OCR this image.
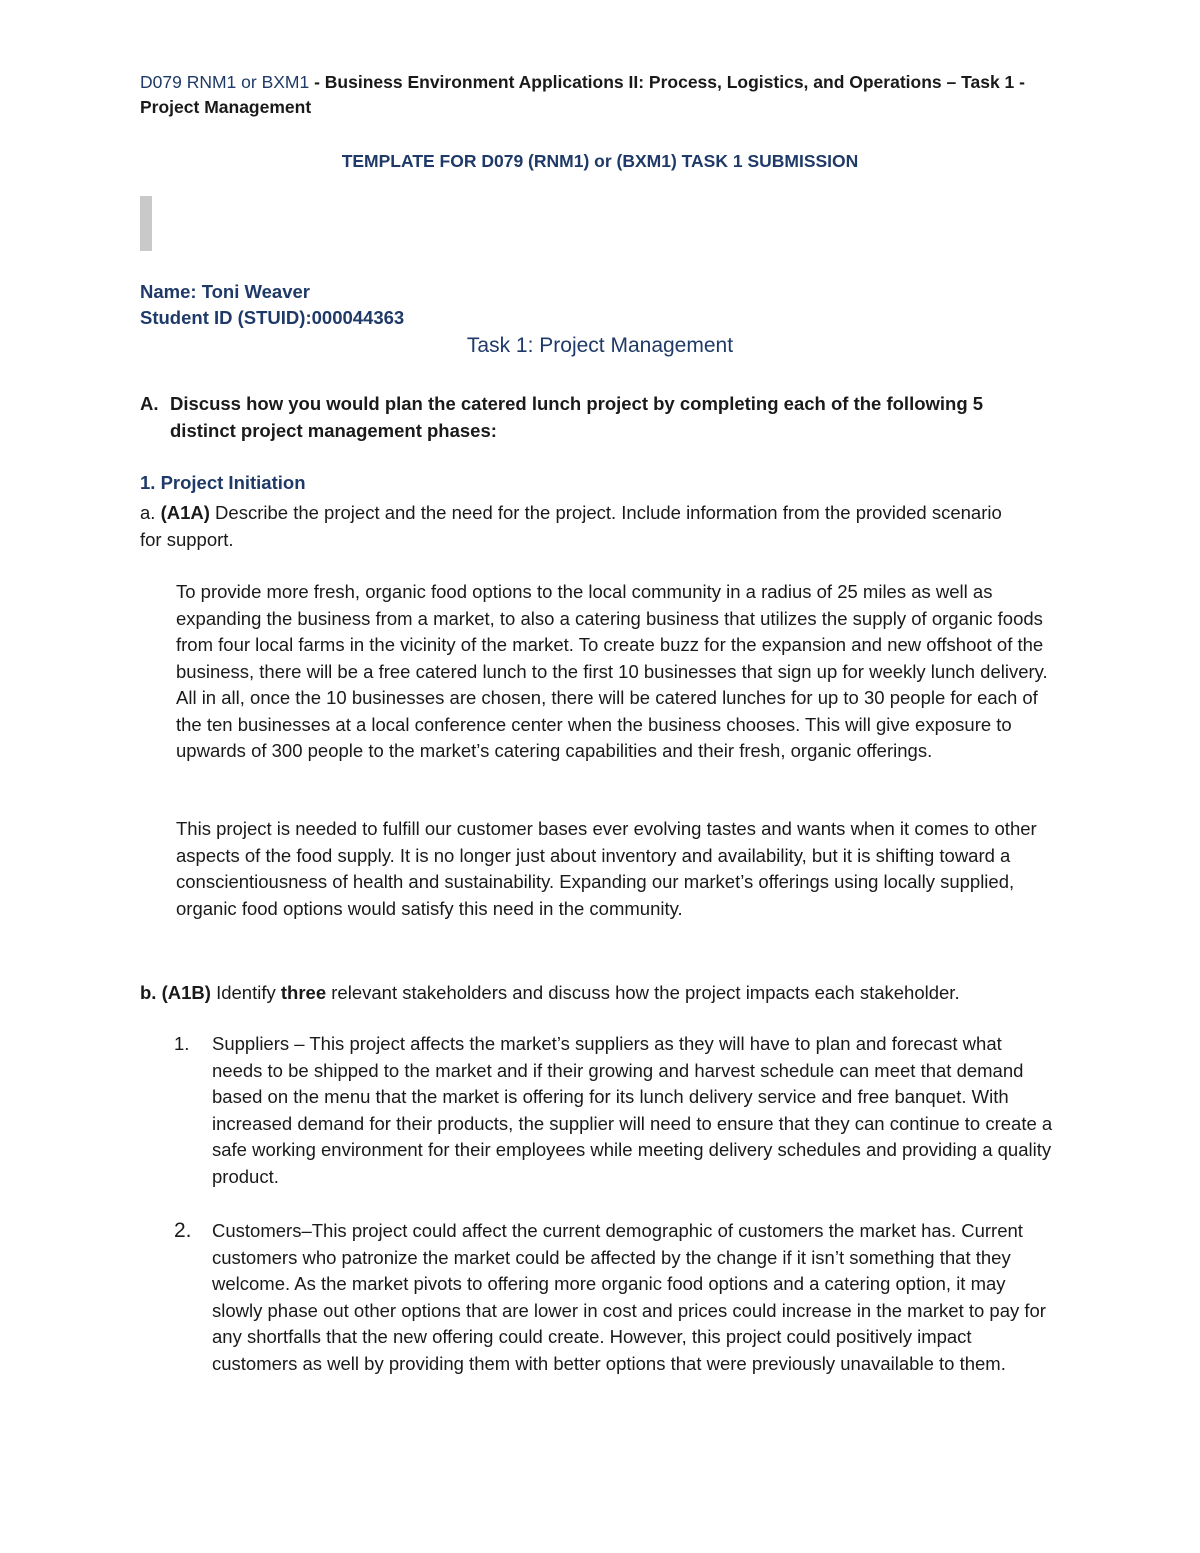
D079 RNM1 or BXM1 - Business Environment Applications II: Process, Logistics, and Operations – Task 1 - Project Management
TEMPLATE FOR D079 (RNM1) or (BXM1) TASK 1 SUBMISSION
Name: Toni Weaver
Student ID (STUID):000044363
Task 1: Project Management
A. Discuss how you would plan the catered lunch project by completing each of the following 5 distinct project management phases:
1. Project Initiation
a. (A1A) Describe the project and the need for the project. Include information from the provided scenario for support.

To provide more fresh, organic food options to the local community in a radius of 25 miles as well as expanding the business from a market, to also a catering business that utilizes the supply of organic foods from four local farms in the vicinity of the market. To create buzz for the expansion and new offshoot of the business, there will be a free catered lunch to the first 10 businesses that sign up for weekly lunch delivery. All in all, once the 10 businesses are chosen, there will be catered lunches for up to 30 people for each of the ten businesses at a local conference center when the business chooses. This will give exposure to upwards of 300 people to the market’s catering capabilities and their fresh, organic offerings.

This project is needed to fulfill our customer bases ever evolving tastes and wants when it comes to other aspects of the food supply. It is no longer just about inventory and availability, but it is shifting toward a conscientiousness of health and sustainability. Expanding our market’s offerings using locally supplied, organic food options would satisfy this need in the community.

b. (A1B) Identify three relevant stakeholders and discuss how the project impacts each stakeholder.
1. Suppliers – This project affects the market’s suppliers as they will have to plan and forecast what needs to be shipped to the market and if their growing and harvest schedule can meet that demand based on the menu that the market is offering for its lunch delivery service and free banquet. With increased demand for their products, the supplier will need to ensure that they can continue to create a safe working environment for their employees while meeting delivery schedules and providing a quality product.
2. Customers–This project could affect the current demographic of customers the market has. Current customers who patronize the market could be affected by the change if it isn’t something that they welcome. As the market pivots to offering more organic food options and a catering option, it may slowly phase out other options that are lower in cost and prices could increase in the market to pay for any shortfalls that the new offering could create. However, this project could positively impact customers as well by providing them with better options that were previously unavailable to them.
